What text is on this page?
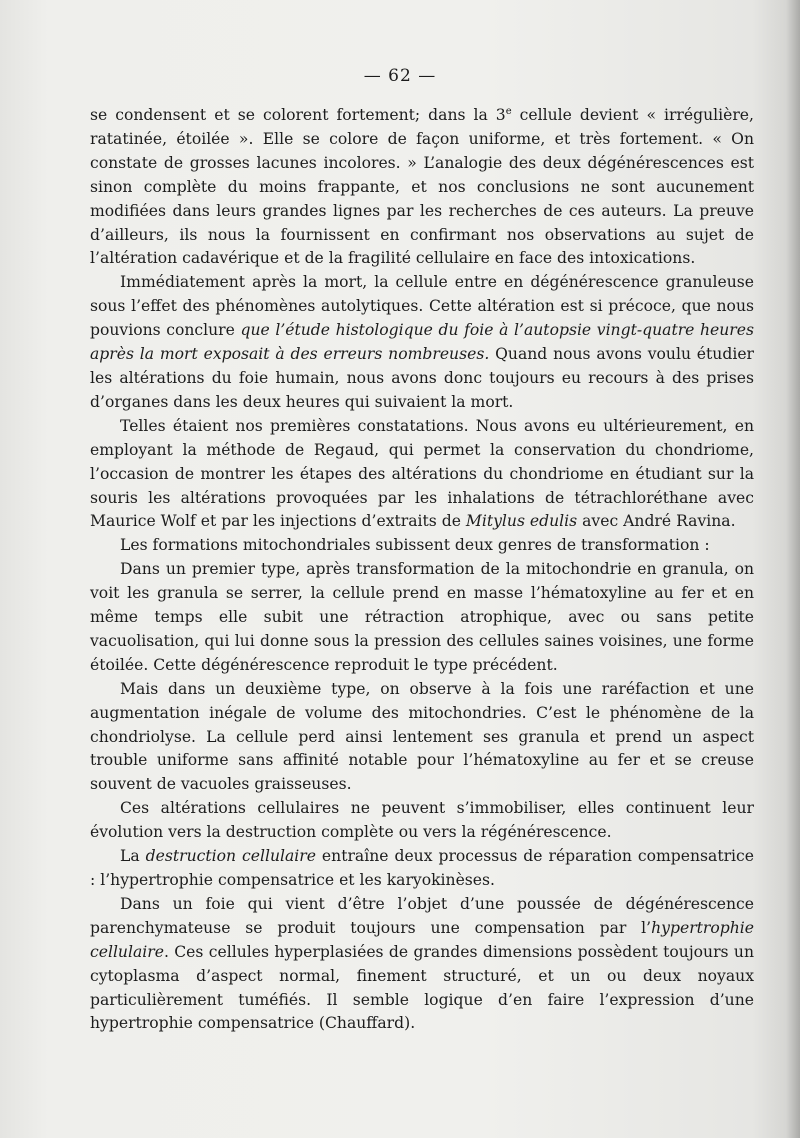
— 62 —

se condensent et se colorent fortement; dans la 3e cellule devient « irrégulière, ratatinée, étoilée ». Elle se colore de façon uniforme, et très fortement. « On constate de grosses lacunes incolores. » L’analogie des deux dégénérescences est sinon complète du moins frappante, et nos conclusions ne sont aucunement modifiées dans leurs grandes lignes par les recherches de ces auteurs. La preuve d’ailleurs, ils nous la fournissent en confirmant nos observations au sujet de l’altération cadavérique et de la fragilité cellulaire en face des intoxications.

Immédiatement après la mort, la cellule entre en dégénérescence granuleuse sous l’effet des phénomènes autolytiques. Cette altération est si précoce, que nous pouvions conclure que l’étude histologique du foie à l’autopsie vingt-quatre heures après la mort exposait à des erreurs nombreuses. Quand nous avons voulu étudier les altérations du foie humain, nous avons donc toujours eu recours à des prises d’organes dans les deux heures qui suivaient la mort.

Telles étaient nos premières constatations. Nous avons eu ultérieurement, en employant la méthode de Regaud, qui permet la conservation du chondriome, l’occasion de montrer les étapes des altérations du chondriome en étudiant sur la souris les altérations provoquées par les inhalations de tétrachloréthane avec Maurice Wolf et par les injections d’extraits de Mitylus edulis avec André Ravina.

Les formations mitochondriales subissent deux genres de transformation :

Dans un premier type, après transformation de la mitochondrie en granula, on voit les granula se serrer, la cellule prend en masse l’hématoxyline au fer et en même temps elle subit une rétraction atrophique, avec ou sans petite vacuolisation, qui lui donne sous la pression des cellules saines voisines, une forme étoilée. Cette dégénérescence reproduit le type précédent.

Mais dans un deuxième type, on observe à la fois une raréfaction et une augmentation inégale de volume des mitochondries. C’est le phénomène de la chondriolyse. La cellule perd ainsi lentement ses granula et prend un aspect trouble uniforme sans affinité notable pour l’hématoxyline au fer et se creuse souvent de vacuoles graisseuses.

Ces altérations cellulaires ne peuvent s’immobiliser, elles continuent leur évolution vers la destruction complète ou vers la régénérescence.

La destruction cellulaire entraîne deux processus de réparation compensatrice : l’hypertrophie compensatrice et les karyokinèses.

Dans un foie qui vient d’être l’objet d’une poussée de dégénérescence parenchymateuse se produit toujours une compensation par l’hypertrophie cellulaire. Ces cellules hyperplasiées de grandes dimensions possèdent toujours un cytoplasma d’aspect normal, finement structuré, et un ou deux noyaux particulièrement tuméfiés. Il semble logique d’en faire l’expression d’une hypertrophie compensatrice (Chauffard).
